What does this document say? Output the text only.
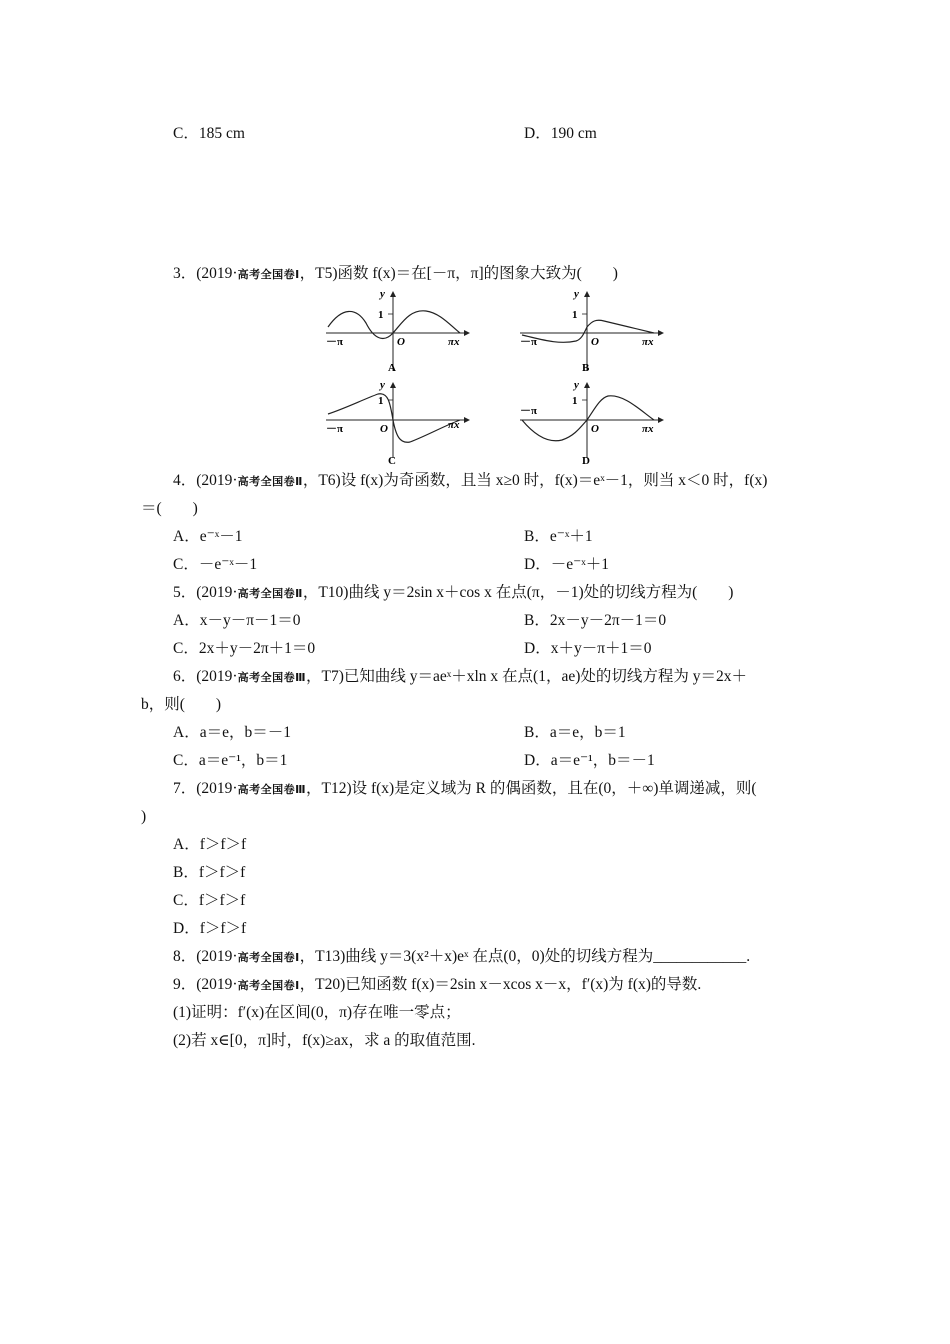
C．185 cm	D．190 cm
3．(2019·高考全国卷Ⅰ，T5)函数 f(x)＝在[－π，π]的图象大致为(　　)
y
1
－π	O	πx
A
y
1
－π	O	πx
B
y
1
－π	O	πx
C
y
1
－π
O	πx
D
4．(2019·高考全国卷Ⅱ，T6)设 f(x)为奇函数，且当 x≥0 时，f(x)＝eˣ－1，则当 x＜0 时，f(x)
＝(　　)
A．e⁻ˣ－1	B．e⁻ˣ＋1
C．－e⁻ˣ－1	D．－e⁻ˣ＋1
5．(2019·高考全国卷Ⅱ，T10)曲线 y＝2sin x＋cos x 在点(π，－1)处的切线方程为(　　)
A．x－y－π－1＝0	B．2x－y－2π－1＝0
C．2x＋y－2π＋1＝0	D．x＋y－π＋1＝0
6．(2019·高考全国卷Ⅲ，T7)已知曲线 y＝aeˣ＋xln x 在点(1，ae)处的切线方程为 y＝2x＋
b，则(　　)
A．a＝e，b＝－1	B．a＝e，b＝1
C．a＝e⁻¹，b＝1	D．a＝e⁻¹，b＝－1
7．(2019·高考全国卷Ⅲ，T12)设 f(x)是定义域为 R 的偶函数，且在(0，＋∞)单调递减，则(
)
A．f＞f＞f
B．f＞f＞f
C．f＞f＞f
D．f＞f＞f
8．(2019·高考全国卷Ⅰ，T13)曲线 y＝3(x²＋x)eˣ 在点(0，0)处的切线方程为____________.
9．(2019·高考全国卷Ⅰ，T20)已知函数 f(x)＝2sin x－xcos x－x，f′(x)为 f(x)的导数.
(1)证明：f′(x)在区间(0，π)存在唯一零点；
(2)若 x∈[0，π]时，f(x)≥ax，求 a 的取值范围.
